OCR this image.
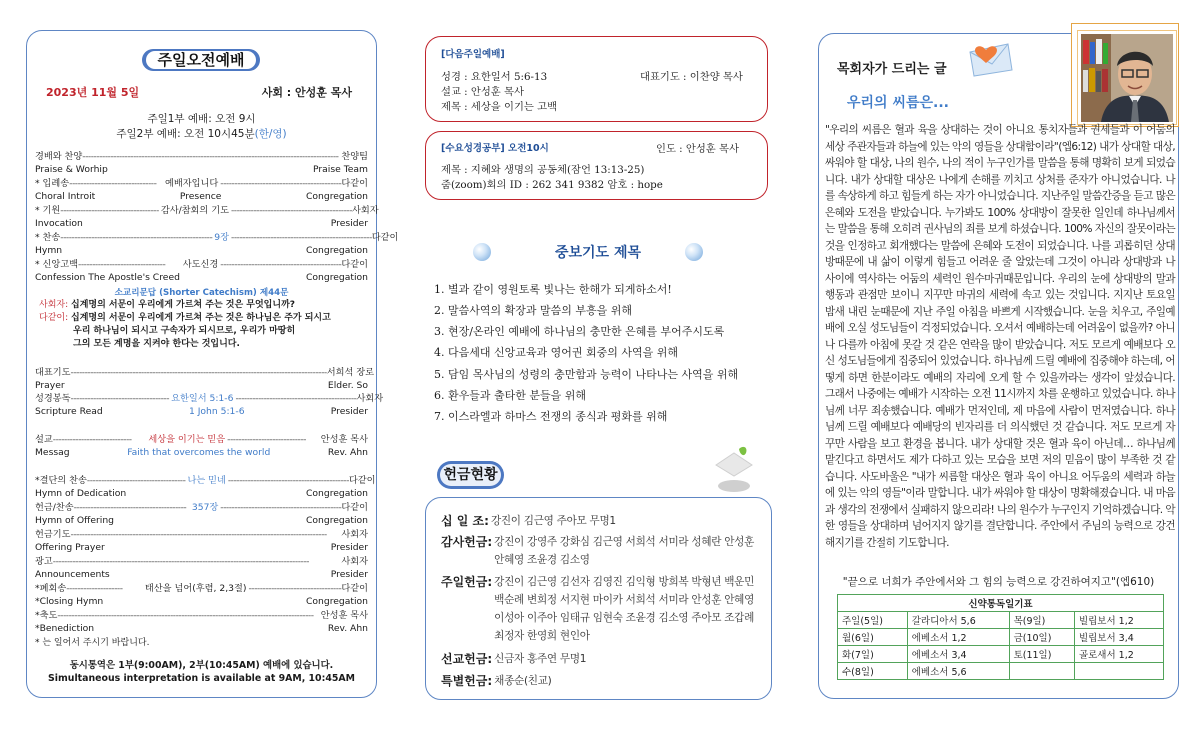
주일오전예배
2023년 11월 5일	사회 : 안성훈 목사
주일1부 예배: 오전 9시
주일2부 예배: 오전 10시45분(한/영)
경배와 찬양 ------------------------------------------------------------------------------------------- 찬양팀
Praise & Worhip	Praise Team
* 입례송 ------------------------------- 예배자입니다 ------------------------------------------- 다같이
Choral Introit	Presence	Congregation
* 기원 ----------------------------------- 감사/참회의 기도 ------------------------------------------- 사회자
Invocation	Presider
* 찬송 ------------------------------------------------------ 9장 -------------------------------------------------- 다같이
Hymn	Congregation
* 신앙고백 -------------------------------	사도신경 ------------------------------------------- 다같이
Confession The Apostle's Creed	Congregation
소교리문답 (Shorter Catechism) 제44문
사회자: 십계명의 서문이 우리에게 가르쳐 주는 것은 무엇입니까?
다같이: 십계명의 서문이 우리에게 가르쳐 주는 것은 하나님은 주가 되시고
우리 하나님이 되시고 구속자가 되시므로, 우리가 마땅히
그의 모든 계명을 지켜야 한다는 것입니다.
대표기도 ------------------------------------------------------------------------------------------- 서희석 장로
Prayer	Elder. So
성경봉독 ----------------------------------- 요한일서 5:1-6 ------------------------------------------- 사회자
Scripture Read	1 John 5:1-6	Presider
설교 ----------------------------	세상을 이기는 믿음 ----------------------------	안성훈 목사
Messag	Faith that overcomes the world	Rev. Ahn
*결단의 찬송 ----------------------------------- 나는 믿네 ------------------------------------------- 다같이
Hymn of Dedication	Congregation
헌금/찬송 ---------------------------------------- 357장 ------------------------------------------- 다같이
Hymn of Offering	Congregation
헌금기도 -------------------------------------------------------------------------------------------	사회자
Offering Prayer	Presider
광고 -------------------------------------------------------------------------------------------	사회자
Announcements	Presider
*폐회송 --------------------	태산을 넘어(후렴, 2,3절) --------------------------------- 다같이
*Closing Hymn	Congregation
*축도 ------------------------------------------------------------------------------------------- 안성훈 목사
*Benediction	Rev. Ahn
* 는 일어서 주시기 바랍니다.
동시통역은 1부(9:00AM), 2부(10:45AM) 예배에 있습니다.
Simultaneous interpretation is available at 9AM, 10:45AM
[다음주일예배]
성경 : 요한일서 5:6-13	대표기도 : 이찬양 목사
설교 : 안성훈 목사
제목 : 세상을 이기는 고백
[수요성경공부] 오전10시	인도 : 안성훈 목사
제목 : 지혜와 생명의 공동체(잠언 13:13-25)
줌(zoom)회의 ID : 262 341 9382 암호 : hope
중보기도 제목
1. 별과 같이 영원토록 빛나는 한해가 되게하소서!
2. 말씀사역의 확장과 말씀의 부흥을 위해
3. 현장/온라인 예배에 하나님의 충만한 은혜를 부어주시도록
4. 다음세대 신앙교육과 영어권 회중의 사역을 위해
5. 담임 목사님의 성령의 충만함과 능력이 나타나는 사역을 위해
6. 환우들과 출타한 분들을 위해
7. 이스라엘과 하마스 전쟁의 종식과 평화를 위해
헌금현황
십 일 조: 강진이 김근영 주아모 무명1
감사헌금: 강진이 강영주 강화심 김근영 서희석 서미라 성혜란 안성훈 안혜영 조윤경 김소영
주일헌금: 강진이 김근영 김선자 김영진 김익형 방희복 박형년 백운민 백순례 변희정 서지현 마이카 서희석 서미라 안성훈 안혜영 이성아 이주아 임태규 임현숙 조윤경 김소영 주아모 조갑례 최정자 한영희 현인아
선교헌금: 신금자 홍주연 무명1
특별헌금: 채종순(친교)
목회자가 드리는 글
우리의 씨름은...
"우리의 씨름은 혈과 육을 상대하는 것이 아니요 통치자들과 권세들과 이 어둠의 세상 주관자들과 하늘에 있는 악의 영들을 상대함이라"(엡6:12) 내가 상대할 대상, 싸워야 할 대상, 나의 원수, 나의 적이 누구인가를 말씀을 통해 명확히 보게 되었습니다. 내가 상대할 대상은 나에게 손해를 끼치고 상처를 준자가 아니었습니다. 나를 속상하게 하고 힘들게 하는 자가 아니었습니다. 지난주일 말씀간증을 듣고 많은 은혜와 도전을 받았습니다. 누가봐도 100% 상대방이 잘못한 일인데 하나님께서는 말씀을 통해 오히려 권사님의 죄를 보게 하셨습니다. 100% 자신의 잘못이라는 것을 인정하고 회개했다는 말씀에 은혜와 도전이 되었습니다. 나를 괴롭히던 상대방때문에 내 삶이 이렇게 힘들고 어려운 줄 알았는데 그것이 아니라 상대방과 나 사이에 역사하는 어둠의 세력인 원수마귀때문입니다. 우리의 눈에 상대방의 말과 행동과 관점만 보이니 지꾸만 마귀의 세력에 속고 있는 것입니다. 지지난 토요일 밤새 내린 눈때문에 지난 주일 아침을 바쁘게 시작했습니다. 눈을 치우고, 주일예배에 오실 성도님들이 걱정되었습니다. 오셔서 예배하는데 어려움이 없을까? 아니나 다를까 아침에 못갈 것 같은 연락을 많이 받았습니다. 저도 모르게 예배보다 오신 성도님들에게 집중되어 있었습니다. 하나님께 드릴 예배에 집중해야 하는데, 어떻게 하면 한분이라도 예배의 자리에 오게 할 수 있을까라는 생각이 앞섰습니다. 그래서 나중에는 예배가 시작하는 오전 11시까지 차를 운행하고 있었습니다. 하나님께 너무 죄송했습니다. 예배가 먼저인데, 제 마음에 사람이 먼저였습니다. 하나님께 드릴 예배보다 예배당의 빈자리를 더 의식했던 것 같습니다. 저도 모르게 자꾸만 사람을 보고 환경을 봅니다. 내가 상대할 것은 혈과 육이 아닌데… 하나님께 맡긴다고 하면서도 제가 다하고 있는 모습을 보면 저의 믿음이 많이 부족한 것 같습니다. 사도바울은 "내가 씨름할 대상은 혈과 육이 아니요 어두움의 세력과 하늘에 있는 악의 영들"이라 말합니다. 내가 싸워야 할 대상이 명확해졌습니다. 내 마음과 생각의 전쟁에서 실패하지 않으리라! 나의 원수가 누구인지 기억하겠습니다. 악한 영들을 상대하며 넘어지지 않기를 결단합니다. 주안에서 주님의 능력으로 강건해지기를 간절히 기도합니다.
"끝으로 너희가 주안에서와 그 힘의 능력으로 강건하여지고"(엡610)
신약통독일기표			
주일(5일)	갈라디아서 5,6	목(9일)	빌립보서 1,2
월(6일)	에베소서 1,2	금(10일)	빌립보서 3,4
화(7일)	에베소서 3,4	토(11일)	골로새서 1,2
수(8일)	에베소서 5,6		
